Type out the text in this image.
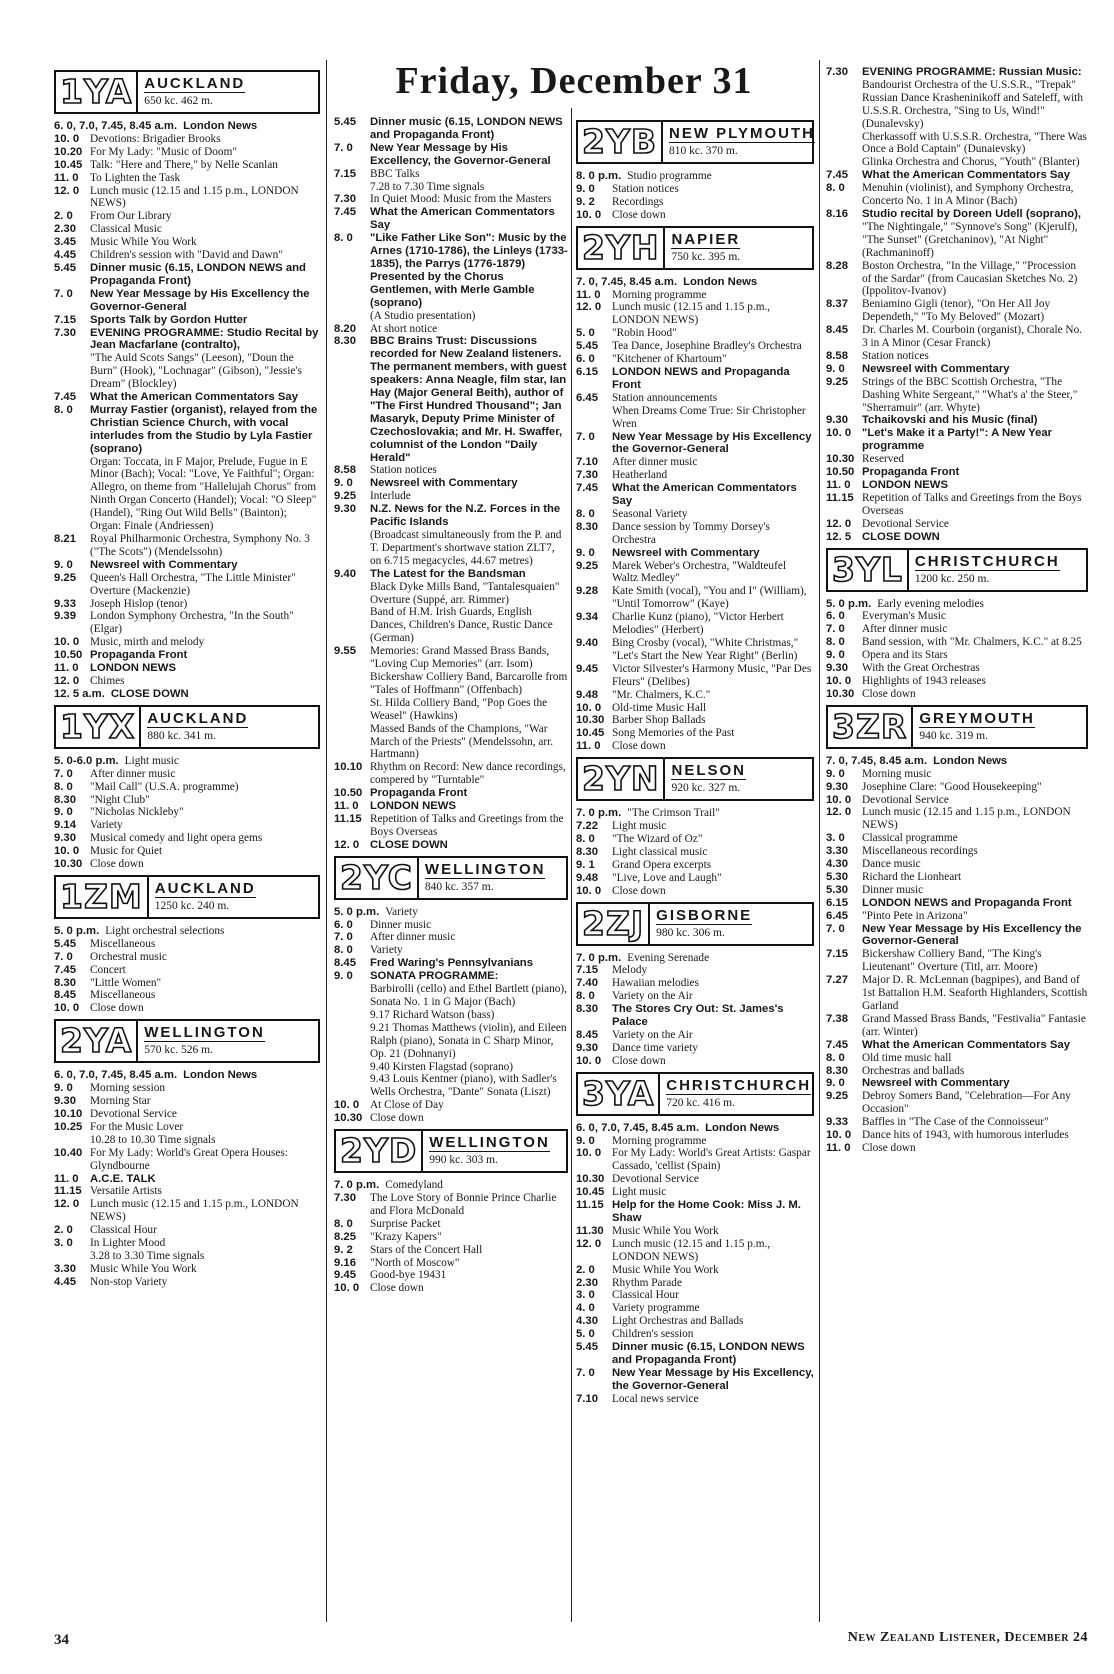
Friday, December 31
1YA AUCKLAND
650 kc. 462 m.
6. 0, 7.0, 7.45, 8.45 a.m. London News
10. 0 Devotions: Brigadier Brooks
10.20 For My Lady: "Music of Doom"
10.45 Talk: "Here and There," by Nelle Scanlan
11. 0	To Lighten the Task
12. 0 Lunch music (12.15 and 1.15 p.m., LONDON NEWS)
2. 0	From Our Library
2.30	Classical Music
3.45	Music While You Work
4.45	Children's session with "David and Dawn"
5.45	Dinner music (6.15, LONDON NEWS and Propaganda Front)
7. 0	New Year Message by His Excellency the Governor-General
7.15	Sports Talk by Gordon Hutter
7.30	EVENING PROGRAMME: Studio Recital by Jean Macfarlane (contralto),
"The Auld Scots Sangs" (Leeson), "Doun the Burn" (Hook), "Lochnagar" (Gibson), "Jessie's Dream" (Blockley)
7.45	What the American Commentators Say
8. 0	Murray Fastier (organist), relayed from the Christian Science Church, with vocal interludes from the Studio by Lyla Fastier (soprano)
Organ: Toccata, in F Major, Prelude, Fugue in E Minor (Bach); Vocal: "Love, Ye Faithful"; Organ: Allegro, on theme from "Hallelujah Chorus" from Ninth Organ Concerto (Handel); Vocal: "O Sleep" (Handel), "Ring Out Wild Bells" (Bainton); Organ: Finale (Andriessen)
8.21	Royal Philharmonic Orchestra, Symphony No. 3 ("The Scots") (Mendelssohn)
9. 0	Newsreel with Commentary
9.25	Queen's Hall Orchestra, "The Little Minister" Overture (Mackenzie)
9.33	Joseph Hislop (tenor)
9.39	London Symphony Orchestra, "In the South" (Elgar)
10. 0 Music, mirth and melody
10.50 Propaganda Front
11. 0	LONDON NEWS
12. 0 Chimes
12. 5 a.m. CLOSE DOWN
1YX AUCKLAND
880 kc. 341 m.
5. 0-6.0 p.m. Light music
7. 0	After dinner music
8. 0	"Mail Call" (U.S.A. programme)
8.30	"Night Club"
9. 0	"Nicholas Nickleby"
9.14	Variety
9.30	Musical comedy and light opera gems
10. 0 Music for Quiet
10.30 Close down
1ZM AUCKLAND
1250 kc. 240 m.
5. 0 p.m. Light orchestral selections
5.45	Miscellaneous
7. 0	Orchestral music
7.45	Concert
8.30	"Little Women"
8.45	Miscellaneous
10. 0 Close down
2YA WELLINGTON
570 kc. 526 m.
6. 0, 7.0, 7.45, 8.45 a.m. London News
9. 0	Morning session
9.30	Morning Star
10.10 Devotional Service
10.25 For the Music Lover
10.28 to 10.30 Time signals
10.40 For My Lady: World's Great Opera Houses: Glyndbourne
11. 0	A.C.E. TALK
11.15 Versatile Artists
12. 0 Lunch music (12.15 and 1.15 p.m., LONDON NEWS)
2. 0	Classical Hour
3. 0	In Lighter Mood
3.28 to 3.30 Time signals
3.30	Music While You Work
4.45	Non-stop Variety
5.45	Dinner music (6.15, LONDON NEWS and Propaganda Front)
7. 0	New Year Message by His Excellency, the Governor-General
7.15	BBC Talks
7.28 to 7.30 Time signals
7.30	In Quiet Mood: Music from the Masters
7.45	What the American Commentators Say
8. 0	"Like Father Like Son": Music by the Arnes (1710-1786), the Linleys (1733-1835), the Parrys (1776-1879) Presented by the Chorus Gentlemen, with Merle Gamble (soprano)
(A Studio presentation)
8.20	At short notice
8.30	BBC Brains Trust: Discussions recorded for New Zealand listeners. The permanent members, with guest speakers: Anna Neagle, film star, Ian Hay (Major General Beith), author of "The First Hundred Thousand"; Jan Masaryk, Deputy Prime Minister of Czechoslovakia; and Mr. H. Swaffer, columnist of the London "Daily Herald"
8.58	Station notices
9. 0	Newsreel with Commentary
9.25	Interlude
9.30	N.Z. News for the N.Z. Forces in the Pacific Islands
(Broadcast simultaneously from the P. and T. Department's shortwave station ZLT7, on 6.715 megacycles, 44.67 metres)
9.40	The Latest for the Bandsman
Black Dyke Mills Band, "Tantalesquaien" Overture (Suppé, arr. Rimmer)
Band of H.M. Irish Guards, English Dances, Children's Dance, Rustic Dance (German)
9.55	Memories: Grand Massed Brass Bands, "Loving Cup Memories" (arr. Isom)
Bickershaw Colliery Band, Barcarolle from "Tales of Hoffmann" (Offenbach)
St. Hilda Colliery Band, "Pop Goes the Weasel" (Hawkins)
Massed Bands of the Champions, "War March of the Priests" (Mendelssohn, arr. Hartmann)
10.10 Rhythm on Record: New dance recordings, compered by "Turntable"
10.50 Propaganda Front
11. 0	LONDON NEWS
11.15 Repetition of Talks and Greetings from the Boys Overseas
12. 0 CLOSE DOWN
2YC WELLINGTON
840 kc. 357 m.
5. 0 p.m. Variety
6. 0	Dinner music
7. 0	After dinner music
8. 0	Variety
8.45	Fred Waring's Pennsylvanians
9. 0	SONATA PROGRAMME:
Barbirolli (cello) and Ethel Bartlett (piano), Sonata No. 1 in G Major (Bach)
9.17 Richard Watson (bass)
9.21 Thomas Matthews (violin), and Eileen Ralph (piano), Sonata in C Sharp Minor, Op. 21 (Dohnanyi)
9.40 Kirsten Flagstad (soprano)
9.43 Louis Kentner (piano), with Sadler's Wells Orchestra, "Dante" Sonata (Liszt)
10. 0 At Close of Day
10.30 Close down
2YD WELLINGTON
990 kc. 303 m.
7. 0 p.m. Comedyland
7.30	The Love Story of Bonnie Prince Charlie and Flora McDonald
8. 0	Surprise Packet
8.25	"Krazy Kapers"
9. 2	Stars of the Concert Hall
9.16	"North of Moscow"
9.45	Good-bye 19431
10. 0 Close down
2YB NEW PLYMOUTH
810 kc. 370 m.
8. 0 p.m. Studio programme
9. 0	Station notices
9. 2	Recordings
10. 0 Close down
2YH NAPIER
750 kc. 395 m.
7. 0, 7.45, 8.45 a.m. London News
11. 0	Morning programme
12. 0 Lunch music (12.15 and 1.15 p.m., LONDON NEWS)
5. 0	"Robin Hood"
5.45	Tea Dance, Josephine Bradley's Orchestra
6. 0	"Kitchener of Khartoum"
6.15	LONDON NEWS and Propaganda Front
6.45	Station announcements
When Dreams Come True: Sir Christopher Wren
7. 0	New Year Message by His Excellency the Governor-General
7.10	After dinner music
7.30	Heatherland
7.45	What the American Commentators Say
8. 0	Seasonal Variety
8.30	Dance session by Tommy Dorsey's Orchestra
9. 0	Newsreel with Commentary
9.25	Marek Weber's Orchestra, "Waldteufel Waltz Medley"
9.28	Kate Smith (vocal), "You and I" (William), "Until Tomorrow" (Kaye)
9.34	Charlie Kunz (piano), "Victor Herbert Melodies" (Herbert)
9.40	Bing Crosby (vocal), "White Christmas," "Let's Start the New Year Right" (Berlin)
9.45	Victor Silvester's Harmony Music, "Par Des Fleurs" (Delibes)
9.48	"Mr. Chalmers, K.C."
10. 0 Old-time Music Hall
10.30 Barber Shop Ballads
10.45 Song Memories of the Past
11. 0	Close down
2YN NELSON
920 kc. 327 m.
7. 0 p.m. "The Crimson Trail"
7.22	Light music
8. 0	"The Wizard of Oz"
8.30	Light classical music
9. 1	Grand Opera excerpts
9.48	"Live, Love and Laugh"
10. 0 Close down
2ZJ GISBORNE
980 kc. 306 m.
7. 0 p.m. Evening Serenade
7.15	Melody
7.40	Hawaiian melodies
8. 0	Variety on the Air
8.30	The Stores Cry Out: St. James's Palace
8.45	Variety on the Air
9.30	Dance time variety
10. 0 Close down
3YA CHRISTCHURCH
720 kc. 416 m.
6. 0, 7.0, 7.45, 8.45 a.m. London News
9. 0	Morning programme
10. 0 For My Lady: World's Great Artists: Gaspar Cassado, 'cellist (Spain)
10.30 Devotional Service
10.45 Light music
11.15 Help for the Home Cook: Miss J. M. Shaw
11.30 Music While You Work
12. 0 Lunch music (12.15 and 1.15 p.m., LONDON NEWS)
2. 0	Music While You Work
2.30	Rhythm Parade
3. 0	Classical Hour
4. 0	Variety programme
4.30	Light Orchestras and Ballads
5. 0	Children's session
5.45	Dinner music (6.15, LONDON NEWS and Propaganda Front)
7. 0	New Year Message by His Excellency, the Governor-General
7.10	Local news service
7.30	EVENING PROGRAMME: Russian Music:
Bandourist Orchestra of the U.S.S.R., "Trepak" Russian Dance Krasheninikoff and Sateleff, with U.S.S.R. Orchestra, "Sing to Us, Wind!" (Dunalevsky)
Cherkassoff with U.S.S.R. Orchestra, "There Was Once a Bold Captain" (Dunaievsky)
Glinka Orchestra and Chorus, "Youth" (Blanter)
7.45	What the American Commentators Say
8. 0	Menuhin (violinist), and Symphony Orchestra, Concerto No. 1 in A Minor (Bach)
8.16	Studio recital by Doreen Udell (soprano),
"The Nightingale," "Synnove's Song" (Kjerulf), "The Sunset" (Gretchaninov), "At Night" (Rachmaninoff)
8.28	Boston Orchestra, "In the Village," "Procession of the Sardar" (from Caucasian Sketches No. 2) (Ippolitov-Ivanov)
8.37	Beniamino Gigli (tenor), "On Her All Joy Dependeth," "To My Beloved" (Mozart)
8.45	Dr. Charles M. Courboin (organist), Chorale No. 3 in A Minor (Cesar Franck)
8.58	Station notices
9. 0	Newsreel with Commentary
9.25	Strings of the BBC Scottish Orchestra, "The Dashing White Sergeant," "What's a' the Steer," "Sherramuir" (arr. Whyte)
9.30	Tchaikovski and his Music (final)
10. 0 "Let's Make it a Party!": A New Year programme
10.30 Reserved
10.50 Propaganda Front
11. 0	LONDON NEWS
11.15 Repetition of Talks and Greetings from the Boys Overseas
12. 0 Devotional Service
12. 5 CLOSE DOWN
3YL CHRISTCHURCH
1200 kc. 250 m.
5. 0 p.m. Early evening melodies
6. 0	Everyman's Music
7. 0	After dinner music
8. 0	Band session, with "Mr. Chalmers, K.C." at 8.25
9. 0	Opera and its Stars
9.30	With the Great Orchestras
10. 0 Highlights of 1943 releases
10.30 Close down
3ZR GREYMOUTH
940 kc. 319 m.
7. 0, 7.45, 8.45 a.m. London News
9. 0	Morning music
9.30	Josephine Clare: "Good Housekeeping"
10. 0 Devotional Service
12. 0 Lunch music (12.15 and 1.15 p.m., LONDON NEWS)
3. 0	Classical programme
3.30	Miscellaneous recordings
4.30	Dance music
5.30	Richard the Lionheart
5.30	Dinner music
6.15	LONDON NEWS and Propaganda Front
6.45	"Pinto Pete in Arizona"
7. 0	New Year Message by His Excellency the Governor-General
7.15	Bickershaw Colliery Band, "The King's Lieutenant" Overture (Titl, arr. Moore)
7.27	Major D. R. McLennan (bagpipes), and Band of 1st Battalion H.M. Seaforth Highlanders, Scottish Garland
7.38	Grand Massed Brass Bands, "Festivalia" Fantasie (arr. Winter)
7.45	What the American Commentators Say
8. 0	Old time music hall
8.30	Orchestras and ballads
9. 0	Newsreel with Commentary
9.25	Debroy Somers Band, "Celebration—For Any Occasion"
9.33	Baffles in "The Case of the Connoisseur"
10. 0 Dance hits of 1943, with humorous interludes
11. 0	Close down
34	New Zealand Listener, December 24
